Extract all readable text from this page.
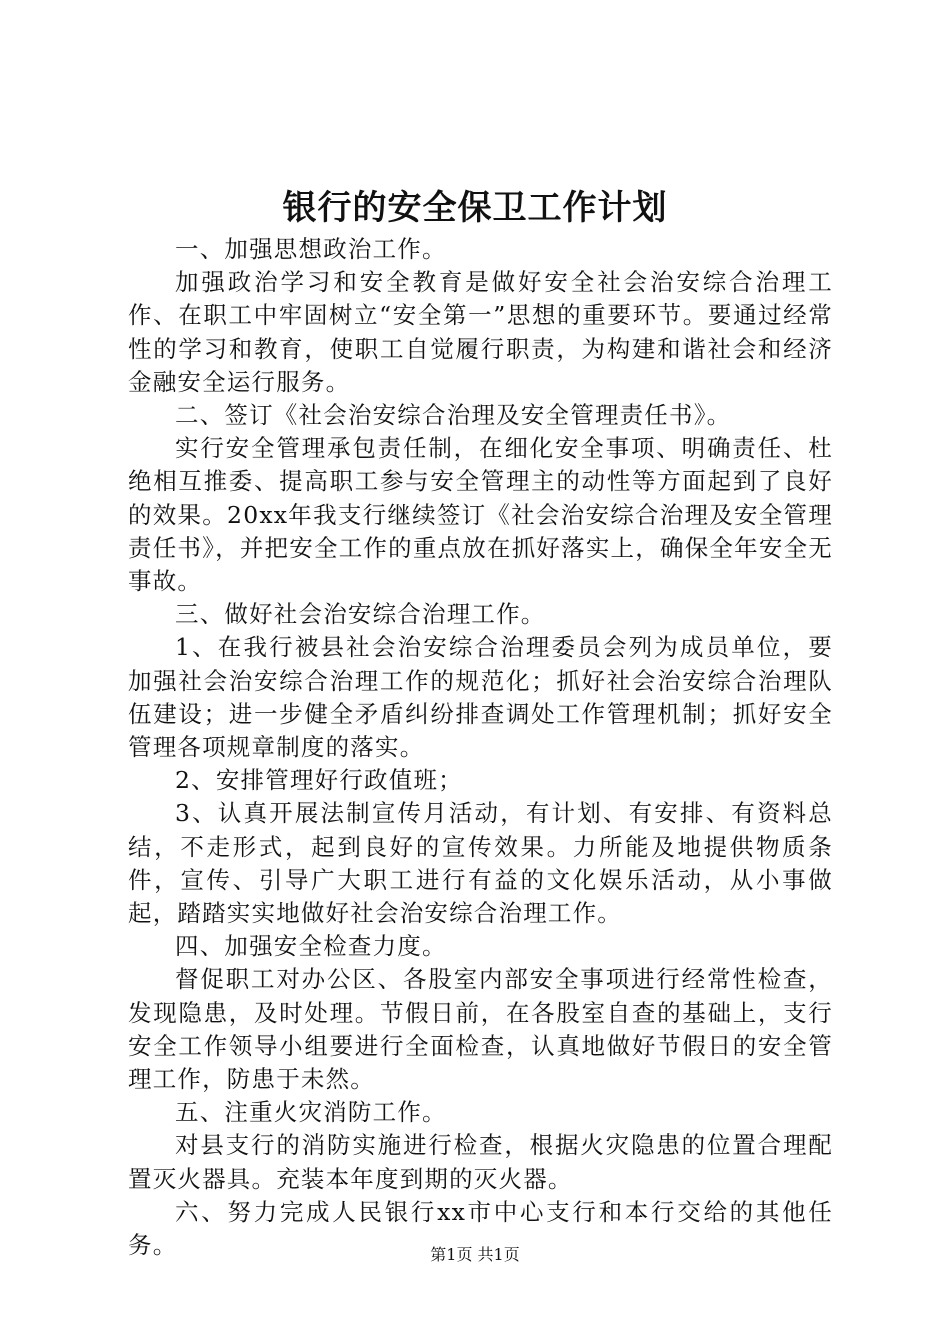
银行的安全保卫工作计划

一、加强思想政治工作。

加强政治学习和安全教育是做好安全社会治安综合治理工作、在职工中牢固树立“安全第一”思想的重要环节。要通过经常性的学习和教育，使职工自觉履行职责，为构建和谐社会和经济金融安全运行服务。

二、签订《社会治安综合治理及安全管理责任书》。

实行安全管理承包责任制，在细化安全事项、明确责任、杜绝相互推委、提高职工参与安全管理主的动性等方面起到了良好的效果。20xx年我支行继续签订《社会治安综合治理及安全管理责任书》，并把安全工作的重点放在抓好落实上，确保全年安全无事故。

三、做好社会治安综合治理工作。

1、在我行被县社会治安综合治理委员会列为成员单位，要加强社会治安综合治理工作的规范化；抓好社会治安综合治理队伍建设；进一步健全矛盾纠纷排查调处工作管理机制；抓好安全管理各项规章制度的落实。

2、安排管理好行政值班；

3、认真开展法制宣传月活动，有计划、有安排、有资料总结，不走形式，起到良好的宣传效果。力所能及地提供物质条件，宣传、引导广大职工进行有益的文化娱乐活动，从小事做起，踏踏实实地做好社会治安综合治理工作。

四、加强安全检查力度。

督促职工对办公区、各股室内部安全事项进行经常性检查，发现隐患，及时处理。节假日前，在各股室自查的基础上，支行安全工作领导小组要进行全面检查，认真地做好节假日的安全管理工作，防患于未然。

五、注重火灾消防工作。

对县支行的消防实施进行检查，根据火灾隐患的位置合理配置灭火器具。充装本年度到期的灭火器。

六、努力完成人民银行xx市中心支行和本行交给的其他任务。	第1页 共1页
